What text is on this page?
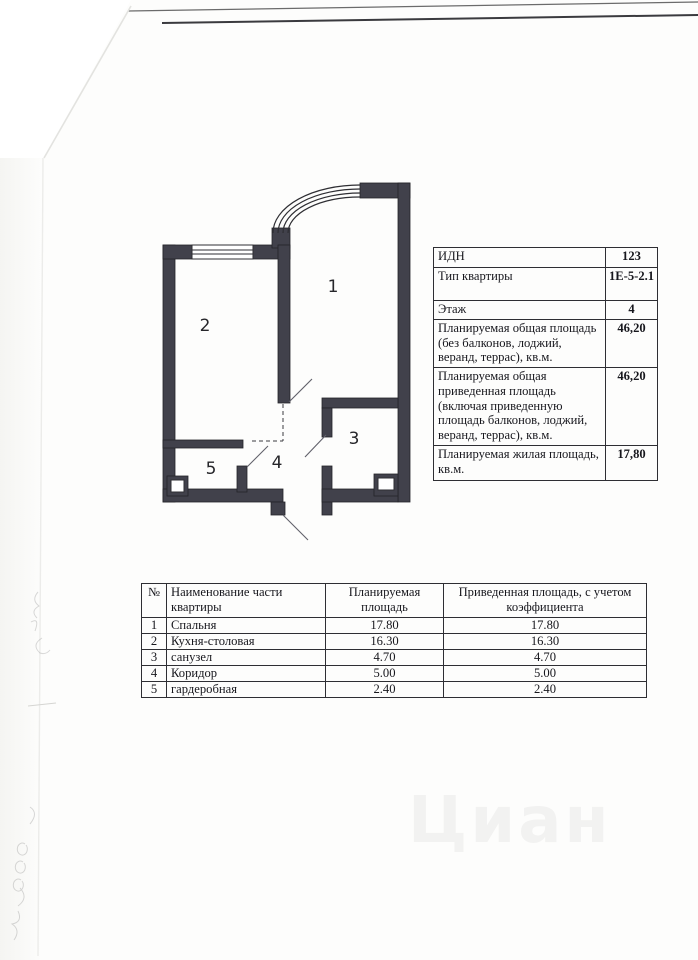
1
2
3
4
5
ИДН	123
Тип квартиры	1Е-5-2.1
Этаж	4
Планируемая общая площадь (без балконов, лоджий, веранд, террас), кв.м.	46,20
Планируемая общая приведенная площадь (включая приведенную площадь балконов, лоджий, веранд, террас), кв.м.	46,20
Планируемая жилая площадь, кв.м.	17,80
№	Наименование части квартиры	Планируемая площадь	Приведенная площадь, с учетом коэффициента
1	Спальня	17.80	17.80
2	Кухня-столовая	16.30	16.30
3	санузел	4.70	4.70
4	Коридор	5.00	5.00
5	гардеробная	2.40	2.40
Циан
